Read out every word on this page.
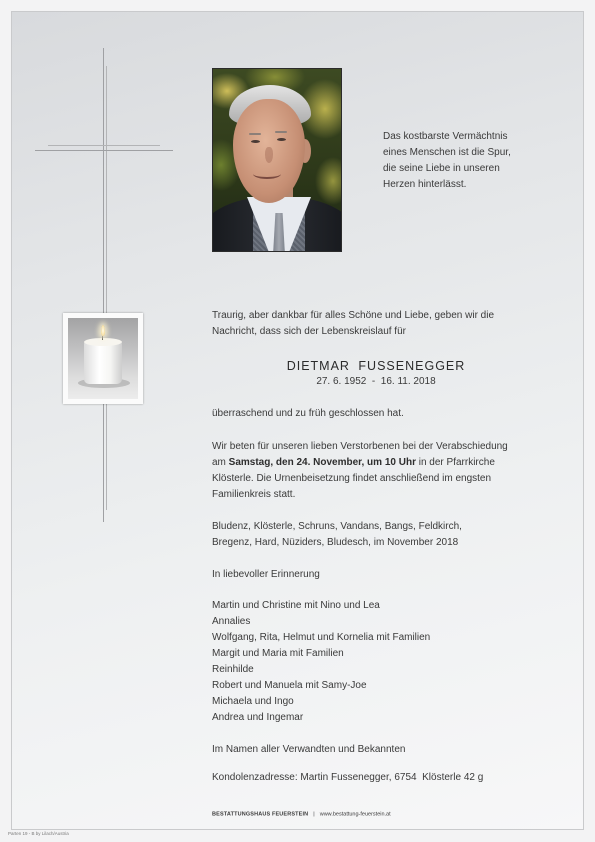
Das kostbarste Vermächtnis
eines Menschen ist die Spur,
die seine Liebe in unseren
Herzen hinterlässt.
Traurig, aber dankbar für alles Schöne und Liebe, geben wir die
Nachricht, dass sich der Lebenskreislauf für
DIETMAR FUSSENEGGER
27. 6. 1952  -  16. 11. 2018
überraschend und zu früh geschlossen hat.
Wir beten für unseren lieben Verstorbenen bei der Verabschiedung
am Samstag, den 24. November, um 10 Uhr in der Pfarrkirche
Klösterle. Die Urnenbeisetzung findet anschließend im engsten
Familienkreis statt.
Bludenz, Klösterle, Schruns, Vandans, Bangs, Feldkirch,
Bregenz, Hard, Nüziders, Bludesch, im November 2018
In liebevoller Erinnerung
Martin und Christine mit Nino und Lea
Annalies
Wolfgang, Rita, Helmut und Kornelia mit Familien
Margit und Maria mit Familien
Reinhilde
Robert und Manuela mit Samy-Joe
Michaela und Ingo
Andrea und Ingemar
Im Namen aller Verwandten und Bekannten
Kondolenzadresse: Martin Fussenegger, 6754  Klösterle 42 g
BESTATTUNGSHAUS FEUERSTEIN | www.bestattung-feuerstein.at
Parten 19 - B by Lilach/Austria
